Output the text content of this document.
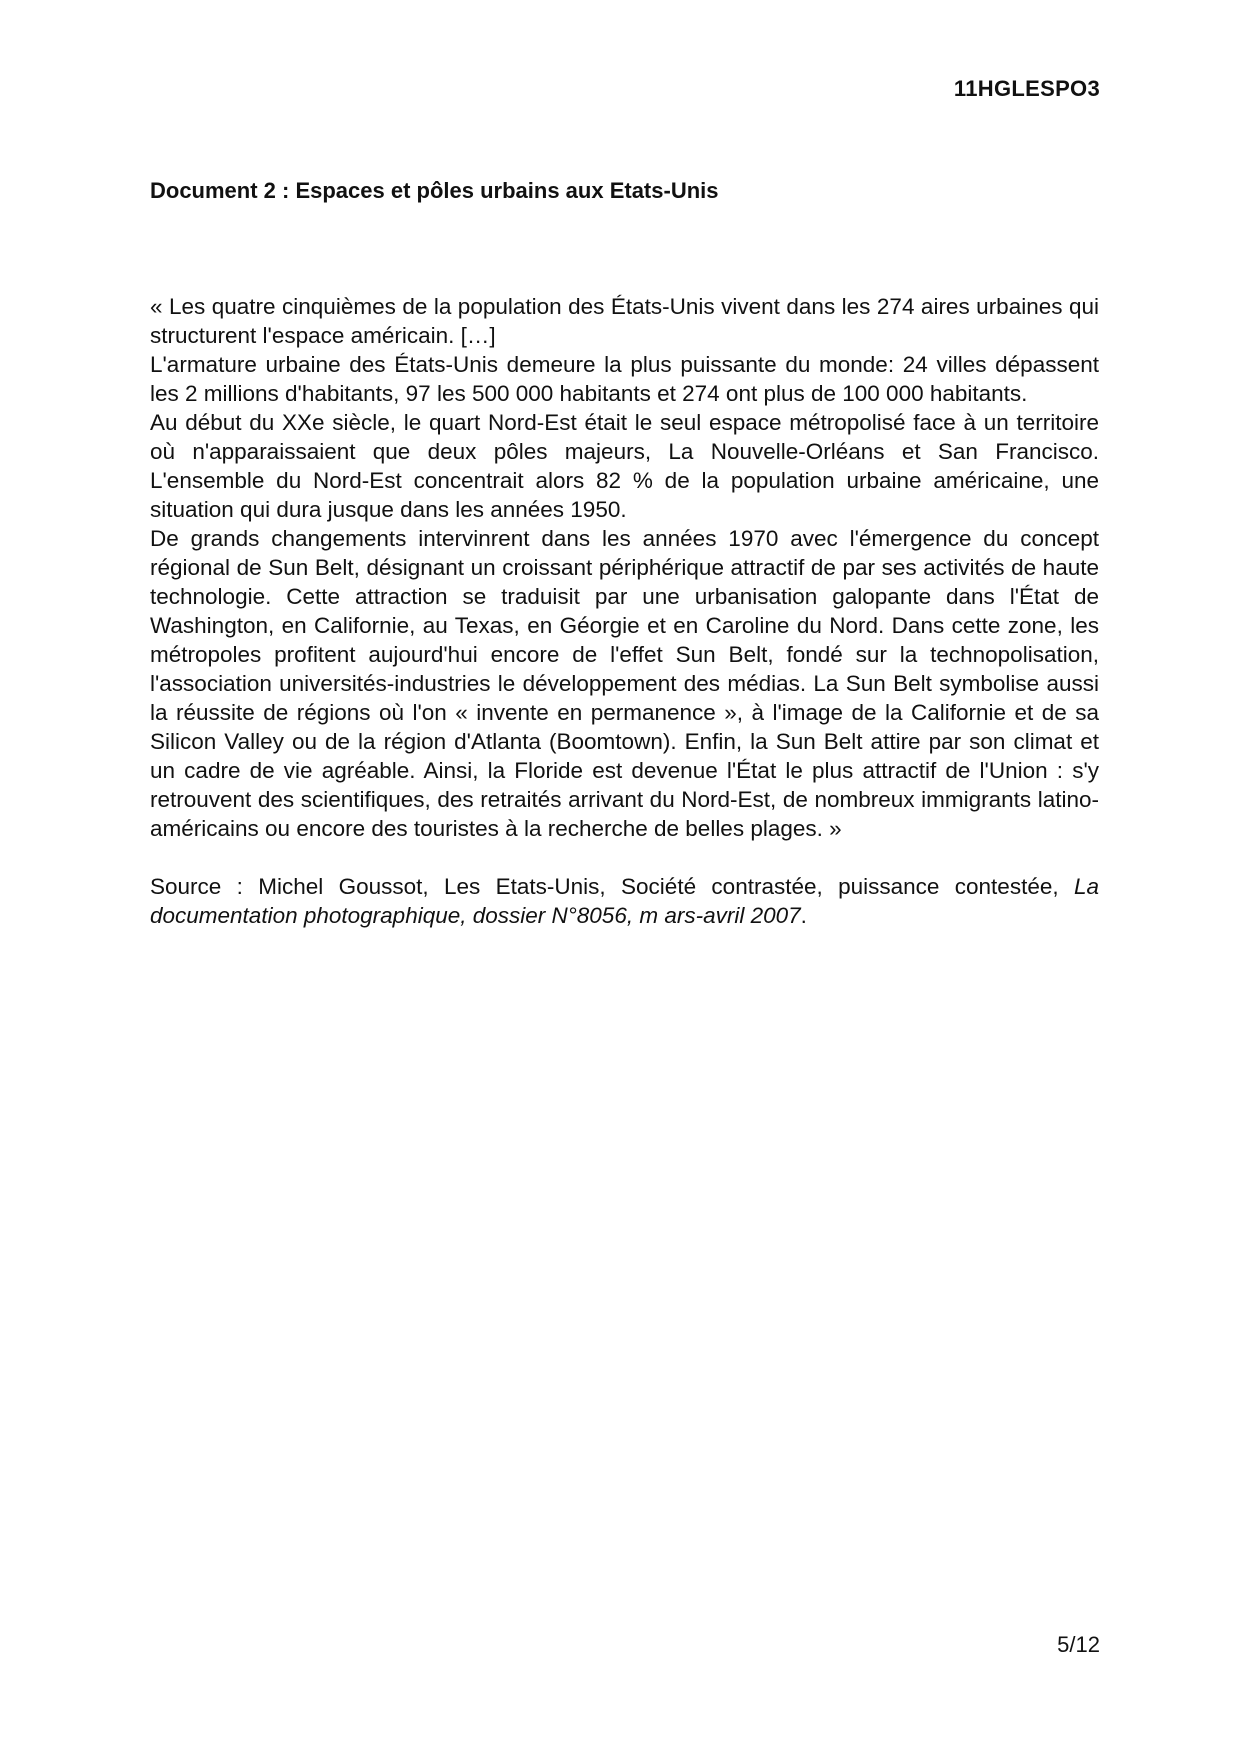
11HGLESPO3
Document 2 : Espaces et pôles urbains aux Etats-Unis

« Les quatre cinquièmes de la population des États-Unis vivent dans les 274 aires urbaines qui structurent l'espace américain. […]

L'armature urbaine des États-Unis demeure la plus puissante du monde: 24 villes dépassent les 2 millions d'habitants, 97 les 500 000 habitants et 274 ont plus de 100 000 habitants.

Au début du XXe siècle, le quart Nord-Est était le seul espace métropolisé face à un territoire où n'apparaissaient que deux pôles majeurs, La Nouvelle-Orléans et San Francisco. L'ensemble du Nord-Est concentrait alors 82 % de la population urbaine américaine, une situation qui dura jusque dans les années 1950.

De grands changements intervinrent dans les années 1970 avec l'émergence du concept régional de Sun Belt, désignant un croissant périphérique attractif de par ses activités de haute technologie. Cette attraction se traduisit par une urbanisation galopante dans l'État de Washington, en Californie, au Texas, en Géorgie et en Caroline du Nord. Dans cette zone, les métropoles profitent aujourd'hui encore de l'effet Sun Belt, fondé sur la technopolisation, l'association universités-industries le développement des médias. La Sun Belt symbolise aussi la réussite de régions où l'on « invente en permanence », à l'image de la Californie et de sa Silicon Valley ou de la région d'Atlanta (Boomtown). Enfin, la Sun Belt attire par son climat et un cadre de vie agréable. Ainsi, la Floride est devenue l'État le plus attractif de l'Union : s'y retrouvent des scientifiques, des retraités arrivant du Nord-Est, de nombreux immigrants latino-américains ou encore des touristes à la recherche de belles plages. »

Source : Michel Goussot, Les Etats-Unis, Société contrastée, puissance contestée, La documentation photographique, dossier N°8056, m ars-avril 2007.

5/12
